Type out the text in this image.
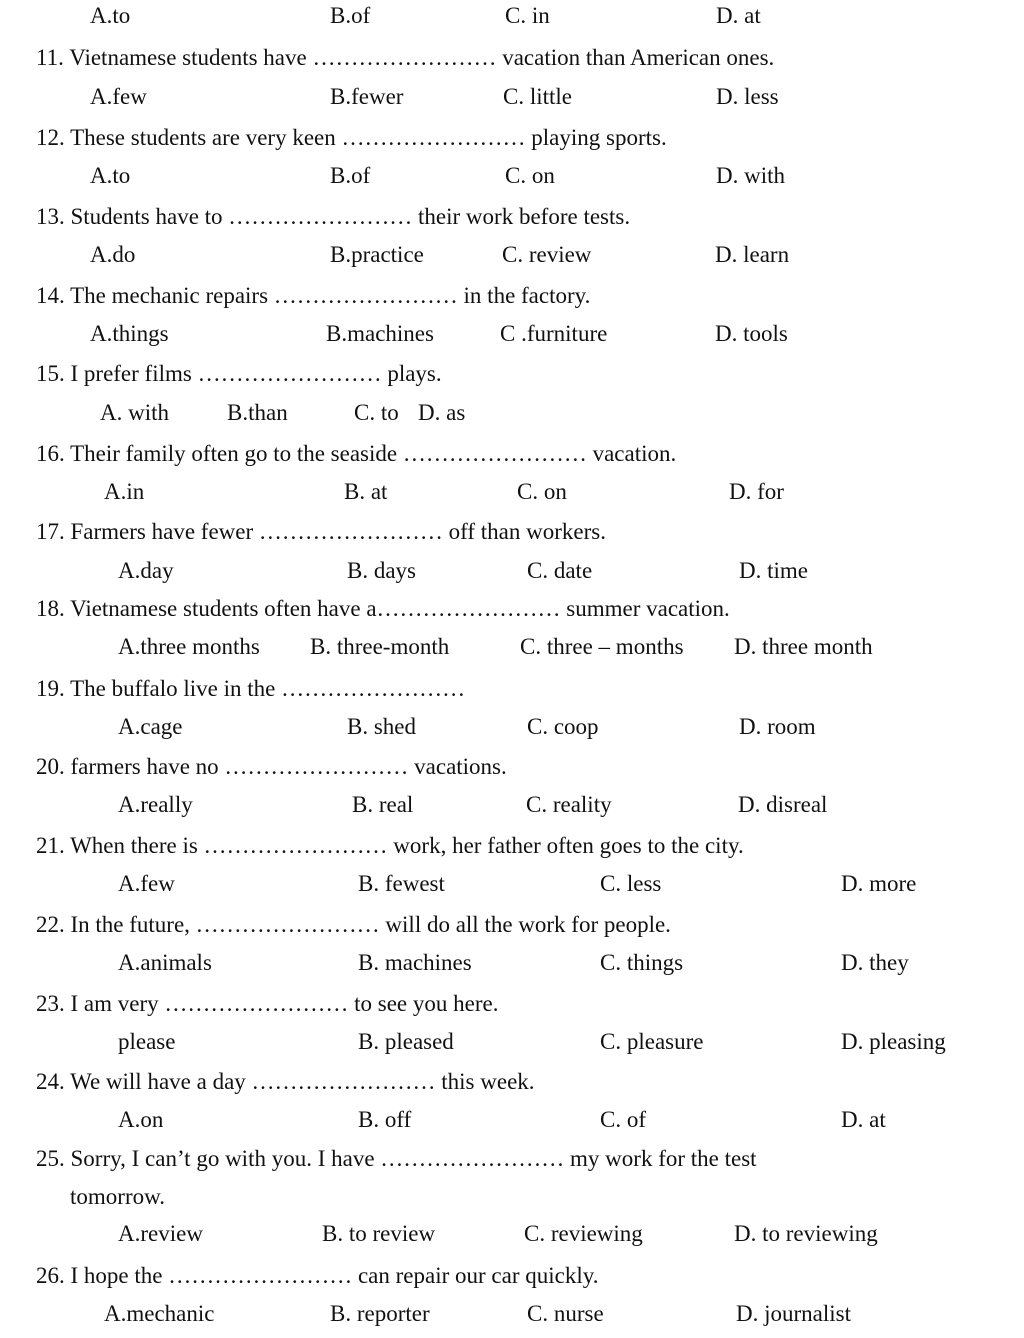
A.to	B.of	C. in	D. at
11. Vietnamese students have …………………… vacation than American ones.
A.few	B.fewer	C. little	D. less
12. These students are very keen …………………… playing sports.
A.to	B.of	C. on	D. with
13. Students have to …………………… their work before tests.
A.do	B.practice	C. review	D. learn
14. The mechanic repairs …………………… in the factory.
A.things	B.machines	C .furniture	D. tools
15. I prefer films …………………… plays.
A. with	B.than	C. to D. as
16. Their family often go to the seaside …………………… vacation.
A.in	B. at	C. on	D. for
17. Farmers have fewer …………………… off than workers.
A.day	B. days	C. date	D. time
18. Vietnamese students often have a…………………… summer vacation.
A.three months B. three-month	C. three – months D. three month
19. The buffalo live in the ……………………
A.cage	B. shed	C. coop	D. room
20. farmers have no …………………… vacations.
A.really	B. real	C. reality	D. disreal
21. When there is …………………… work, her father often goes to the city.
A.few	B. fewest	C. less	D. more
22. In the future, …………………… will do all the work for people.
A.animals	B. machines	C. things	D. they
23. I am very …………………… to see you here.
please	B. pleased	C. pleasure	D. pleasing
24. We will have a day …………………… this week.
A.on	B. off	C. of	D. at
25. Sorry, I can’t go with you. I have …………………… my work for the test
tomorrow.
A.review	B. to review	C. reviewing	D. to reviewing
26. I hope the …………………… can repair our car quickly.
A.mechanic	B. reporter	C. nurse	D. journalist
